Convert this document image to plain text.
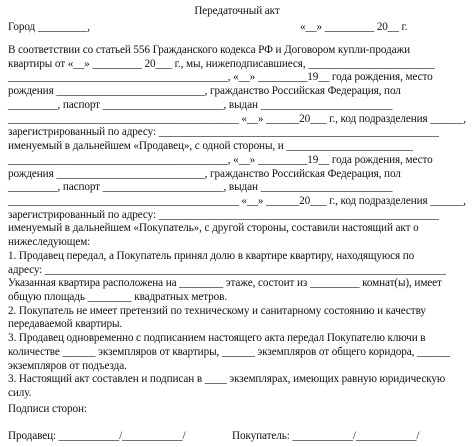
Передаточный акт
Город _________,	«__» _________ 20__ г.
В соответствии со статьей 556 Гражданского кодекса РФ и Договором купли-продажи
квартиры от «__» _________ 20___ г., мы, нижеподписавшиеся, _______________________
________________________________________, «__» _________19__ года рождения, место
рождения ___________________________, гражданство Российская Федерация, пол
_________, паспорт ______________________, выдан ________________________
__________________________________________ «__» ______20___ г., код подразделения ______,
зарегистрированный по адресу: ___________________________________________________
именуемый в дальнейшем «Продавец», с одной стороны, и _______________________
________________________________________, «__» _________19__ года рождения, место
рождения ___________________________, гражданство Российская Федерация, пол
_________, паспорт ______________________, выдан ________________________
__________________________________________ «__» ______20___ г., код подразделения ______,
зарегистрированный по адресу: ___________________________________________________
именуемый в дальнейшем «Покупатель», с другой стороны, составили настоящий акт о
нижеследующем:
1. Продавец передал, а Покупатель принял долю в квартире квартиру, находящуюся по
адресу: _________________________________________________________________________
Указанная квартира расположена на ________ этаже, состоит из _________ комнат(ы), имеет
общую площадь ________ квадратных метров.
2. Покупатель не имеет претензий по техническому и санитарному состоянию и качеству
передаваемой квартиры.
3. Продавец одновременно с подписанием настоящего акта передал Покупателю ключи в
количестве ______ экземпляров от квартиры, ______ экземпляров от общего коридора, ______
экземпляров от подъезда.
3. Настоящий акт составлен и подписан в ____ экземплярах, имеющих равную юридическую
силу.
Подписи сторон:
Продавец: ___________/___________/	Покупатель: ___________/___________/
